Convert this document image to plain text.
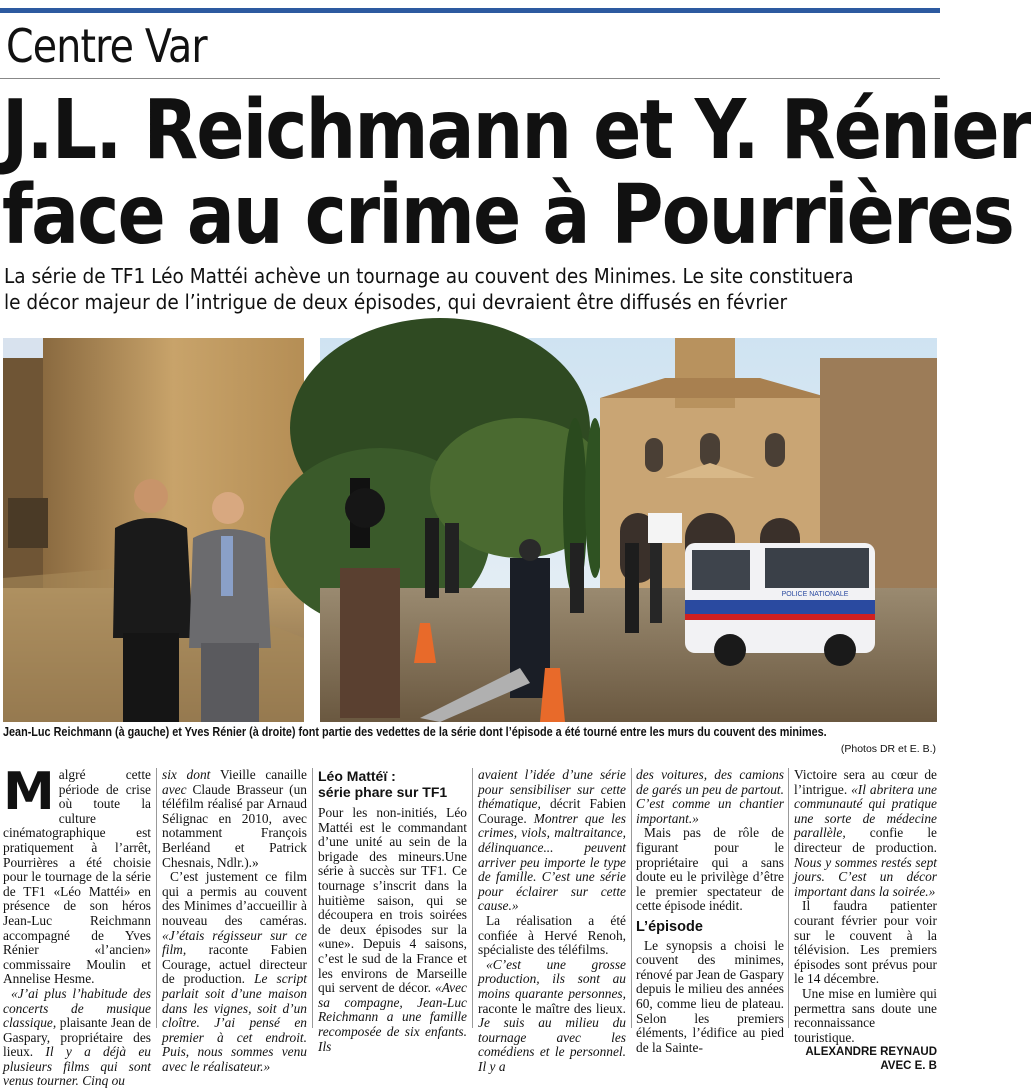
Centre Var
J.L. Reichmann et Y. Rénier
face au crime à Pourrières
La série de TF1 Léo Mattéi achève un tournage au couvent des Minimes. Le site constituera
le décor majeur de l’intrigue de deux épisodes, qui devraient être diffusés en février
POLICE NATIONALE
Jean-Luc Reichmann (à gauche) et Yves Rénier (à droite) font partie des vedettes de la série dont l’épisode a été tourné entre les murs du couvent des minimes.
(Photos DR et E. B.)

Malgré cette période de crise où toute la culture cinématographique est pratiquement à l’arrêt, Pourrières a été choisie pour le tournage de la série de TF1 «Léo Mattéi» en présence de son héros Jean-Luc Reichmann accompagné de Yves Rénier «l’ancien» commissaire Moulin et Annelise Hesme.

«J’ai plus l’habitude des concerts de musique classique, plaisante Jean de Gaspary, propriétaire des lieux. Il y a déjà eu plusieurs films qui sont venus tourner. Cinq ou

six dont Vieille canaille avec Claude Brasseur (un téléfilm réalisé par Arnaud Sélignac en 2010, avec notamment François Berléand et Patrick Chesnais, Ndlr.).»

C’est justement ce film qui a permis au couvent des Minimes d’accueillir à nouveau des caméras. «J’étais régisseur sur ce film, raconte Fabien Courage, actuel directeur de production. Le script parlait soit d’une maison dans les vignes, soit d’un cloître. J’ai pensé en premier à cet endroit. Puis, nous sommes venu avec le réalisateur.»

Léo Mattéï :
série phare sur TF1

Pour les non-initiés, Léo Mattéi est le commandant d’une unité au sein de la brigade des mineurs.Une série à succès sur TF1. Ce tournage s’inscrit dans la huitième saison, qui se découpera en trois soirées de deux épisodes sur la «une». Depuis 4 saisons, c’est le sud de la France et les environs de Marseille qui servent de décor. «Avec sa compagne, Jean-Luc Reichmann a une famille recomposée de six enfants. Ils

avaient l’idée d’une série pour sensibiliser sur cette thématique, décrit Fabien Courage. Montrer que les crimes, viols, maltraitance, délinquance... peuvent arriver peu importe le type de famille. C’est une série pour éclairer sur cette cause.»

La réalisation a été confiée à Hervé Renoh, spécialiste des téléfilms.

«C’est une grosse production, ils sont au moins quarante personnes, raconte le maître des lieux. Je suis au milieu du tournage avec les comédiens et le personnel. Il y a

des voitures, des camions de garés un peu de partout. C’est comme un chantier important.»

Mais pas de rôle de figurant pour le propriétaire qui a sans doute eu le privilège d’être le premier spectateur de cette épisode inédit.

L’épisode

Le synopsis a choisi le couvent des minimes, rénové par Jean de Gaspary depuis le milieu des années 60, comme lieu de plateau. Selon les premiers éléments, l’édifice au pied de la Sainte-

Victoire sera au cœur de l’intrigue. «Il abritera une communauté qui pratique une sorte de médecine parallèle, confie le directeur de production. Nous y sommes restés sept jours. C’est un décor important dans la soirée.»

Il faudra patienter courant février pour voir sur le couvent à la télévision. Les premiers épisodes sont prévus pour le 14 décembre.

Une mise en lumière qui permettra sans doute une reconnaissance touristique.

ALEXANDRE REYNAUD
AVEC E. B
